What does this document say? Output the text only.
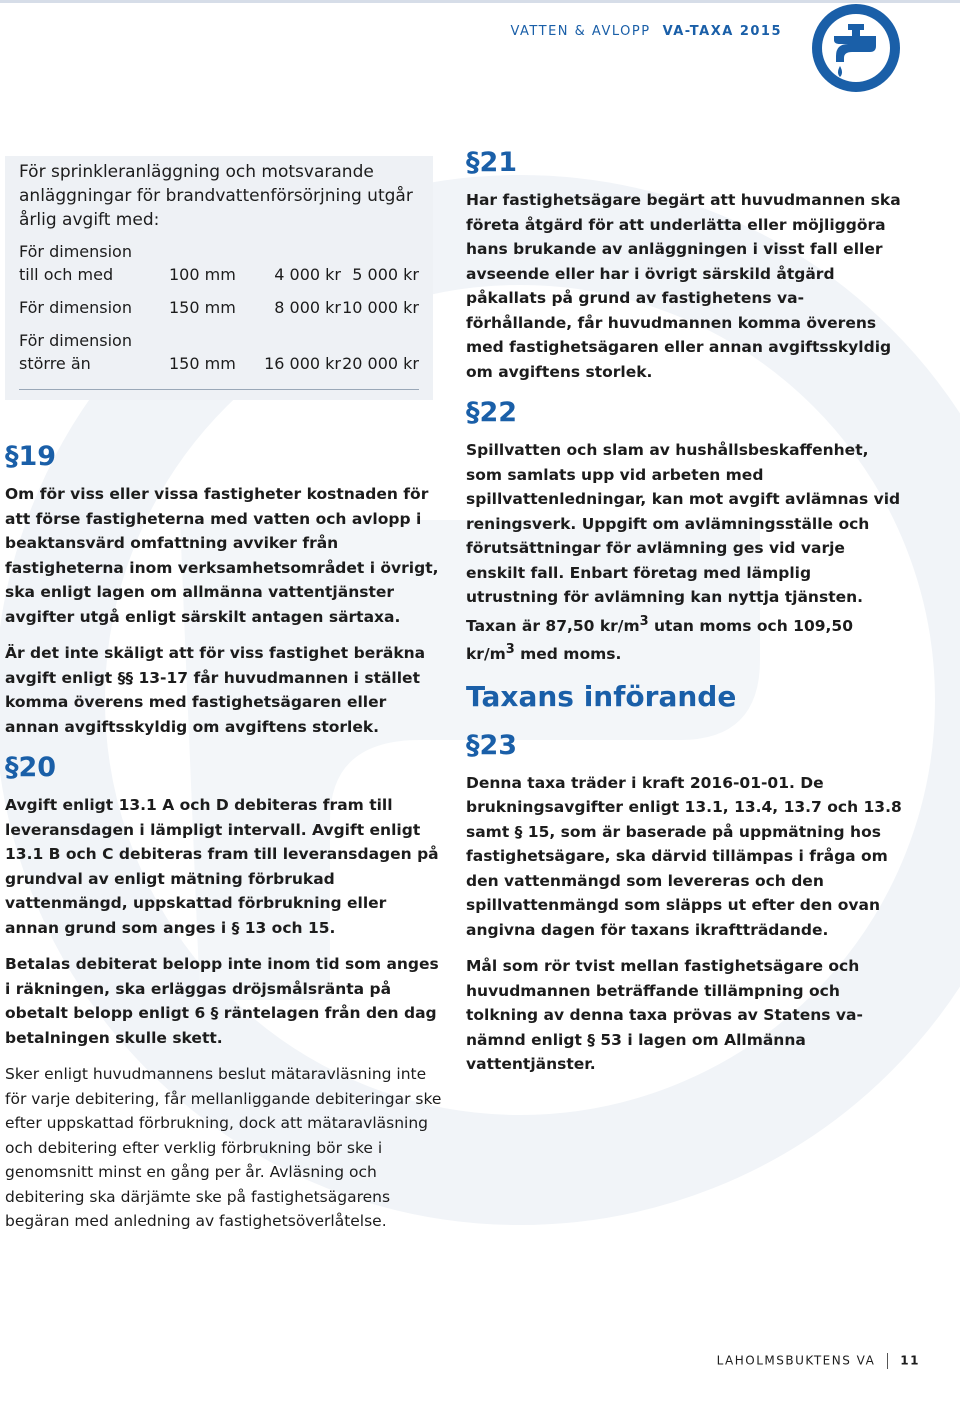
VATTEN & AVLOPP VA-TAXA 2015

För sprinkleranläggning och motsvarande anläggningar för brandvattenförsörjning utgår årlig avgift med:

För dimension
till och med	100 mm	4 000 kr	5 000 kr
För dimension	150 mm	8 000 kr	10 000 kr
För dimension
större än	150 mm	16 000 kr	20 000 kr
§19

Om för viss eller vissa fastigheter kostnaden för att förse fastigheterna med vatten och avlopp i beaktansvärd omfattning avviker från fastigheterna inom verksamhetsområdet i övrigt, ska enligt lagen om allmänna vattentjänster avgifter utgå enligt särskilt antagen särtaxa.

Är det inte skäligt att för viss fastighet beräkna avgift enligt §§ 13-17 får huvudmannen i stället komma överens med fastighetsägaren eller annan avgiftsskyldig om avgiftens storlek.

§20

Avgift enligt 13.1 A och D debiteras fram till leveransdagen i lämpligt intervall. Avgift enligt 13.1 B och C debiteras fram till leveransdagen på grundval av enligt mätning förbrukad vattenmängd, uppskattad förbrukning eller annan grund som anges i § 13 och 15.

Betalas debiterat belopp inte inom tid som anges i räkningen, ska erläggas dröjsmålsränta på obetalt belopp enligt 6 § räntelagen från den dag betalningen skulle skett.

Sker enligt huvudmannens beslut mätaravläsning inte för varje debitering, får mellanliggande debiteringar ske efter uppskattad förbrukning, dock att mätaravläsning och debitering efter verklig förbrukning bör ske i genomsnitt minst en gång per år. Avläsning och debitering ska därjämte ske på fastighetsägarens begäran med anledning av fastighetsöverlåtelse.

§21

Har fastighetsägare begärt att huvudmannen ska företa åtgärd för att underlätta eller möjliggöra hans brukande av anläggningen i visst fall eller avseende eller har i övrigt särskild åtgärd påkallats på grund av fastighetens va-förhållande, får huvudmannen komma överens med fastighetsägaren eller annan avgiftsskyldig om avgiftens storlek.

§22

Spillvatten och slam av hushållsbeskaffenhet, som samlats upp vid arbeten med spillvattenledningar, kan mot avgift avlämnas vid reningsverk. Uppgift om avlämningsställe och förutsättningar för avlämning ges vid varje enskilt fall. Enbart företag med lämplig utrustning för avlämning kan nyttja tjänsten. Taxan är 87,50 $kr/m^3$ utan moms och 109,50 $kr/m^3$ med moms.

Taxans införande
§23

Denna taxa träder i kraft 2016-01-01. De brukningsavgifter enligt 13.1, 13.4, 13.7 och 13.8 samt § 15, som är baserade på uppmätning hos fastighetsägare, ska därvid tillämpas i fråga om den vattenmängd som levereras och den spillvattenmängd som släpps ut efter den ovan angivna dagen för taxans ikraftträdande.

Mål som rör tvist mellan fastighetsägare och huvudmannen beträffande tillämpning och tolkning av denna taxa prövas av Statens va-nämnd enligt § 53 i lagen om Allmänna vattentjänster.

LAHOLMSBUKTENS VA 11
